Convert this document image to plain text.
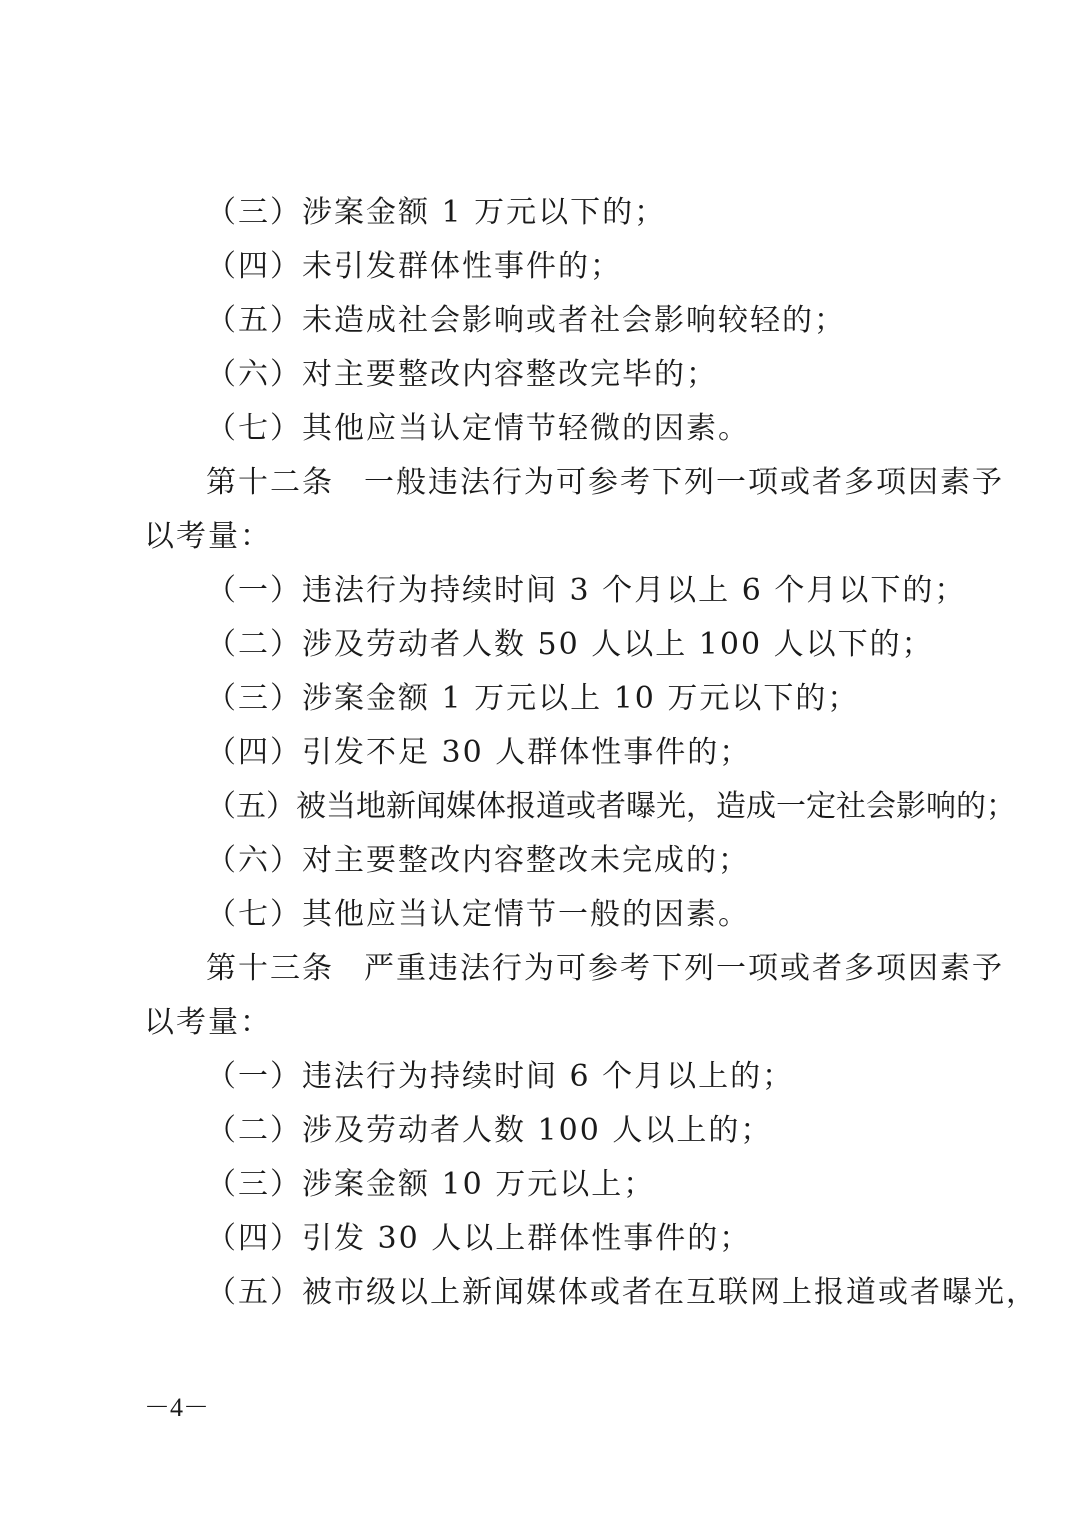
（三）涉案金额 1 万元以下的；
（四）未引发群体性事件的；
（五）未造成社会影响或者社会影响较轻的；
（六）对主要整改内容整改完毕的；
（七）其他应当认定情节轻微的因素。
第十二条 一般违法行为可参考下列一项或者多项因素予
以考量：
（一）违法行为持续时间 3 个月以上 6 个月以下的；
（二）涉及劳动者人数 50 人以上 100 人以下的；
（三）涉案金额 1 万元以上 10 万元以下的；
（四）引发不足 30 人群体性事件的；
（五）被当地新闻媒体报道或者曝光，造成一定社会影响的；
（六）对主要整改内容整改未完成的；
（七）其他应当认定情节一般的因素。
第十三条 严重违法行为可参考下列一项或者多项因素予
以考量：
（一）违法行为持续时间 6 个月以上的；
（二）涉及劳动者人数 100 人以上的；
（三）涉案金额 10 万元以上；
（四）引发 30 人以上群体性事件的；
（五）被市级以上新闻媒体或者在互联网上报道或者曝光，
－4－
